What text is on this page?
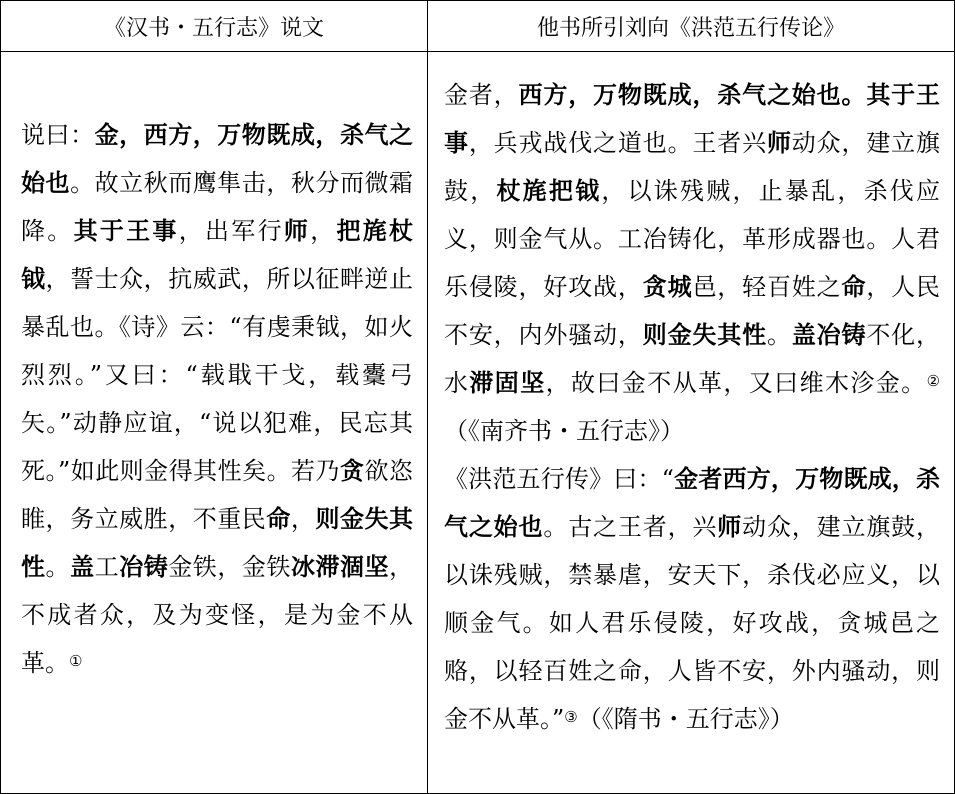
《汉书・五行志》说文	他书所引刘向《洪范五行传论》

说曰：金，西方，万物既成，杀气之始也。故立秋而鹰隼击，秋分而微霜降。其于王事，出军行师，把旄杖钺，誓士众，抗威武，所以征畔逆止暴乱也。《诗》云：“有虔秉钺，如火烈烈。”又曰：“载戢干戈，载櫜弓矢。”动静应谊，“说以犯难，民忘其死。”如此则金得其性矣。若乃贪欲恣睢，务立威胜，不重民命，则金失其性。盖工冶铸金铁，金铁冰滞涸坚，不成者众，及为变怪，是为金不从革。①	金者，西方，万物既成，杀气之始也。其于王事，兵戎战伐之道也。王者兴师动众，建立旗鼓，杖旄把钺，以诛残贼，止暴乱，杀伐应义，则金气从。工冶铸化，革形成器也。人君乐侵陵，好攻战，贪城邑，轻百姓之命，人民不安，内外骚动，则金失其性。盖冶铸不化，水滞固坚，故曰金不从革，又曰维木沴金。②（《南齐书・五行志》）

《洪范五行传》曰：“金者西方，万物既成，杀气之始也。古之王者，兴师动众，建立旗鼓，以诛残贼，禁暴虐，安天下，杀伐必应义，以顺金气。如人君乐侵陵，好攻战，贪城邑之赂，以轻百姓之命，人皆不安，外内骚动，则金不从革。”③（《隋书・五行志》）
